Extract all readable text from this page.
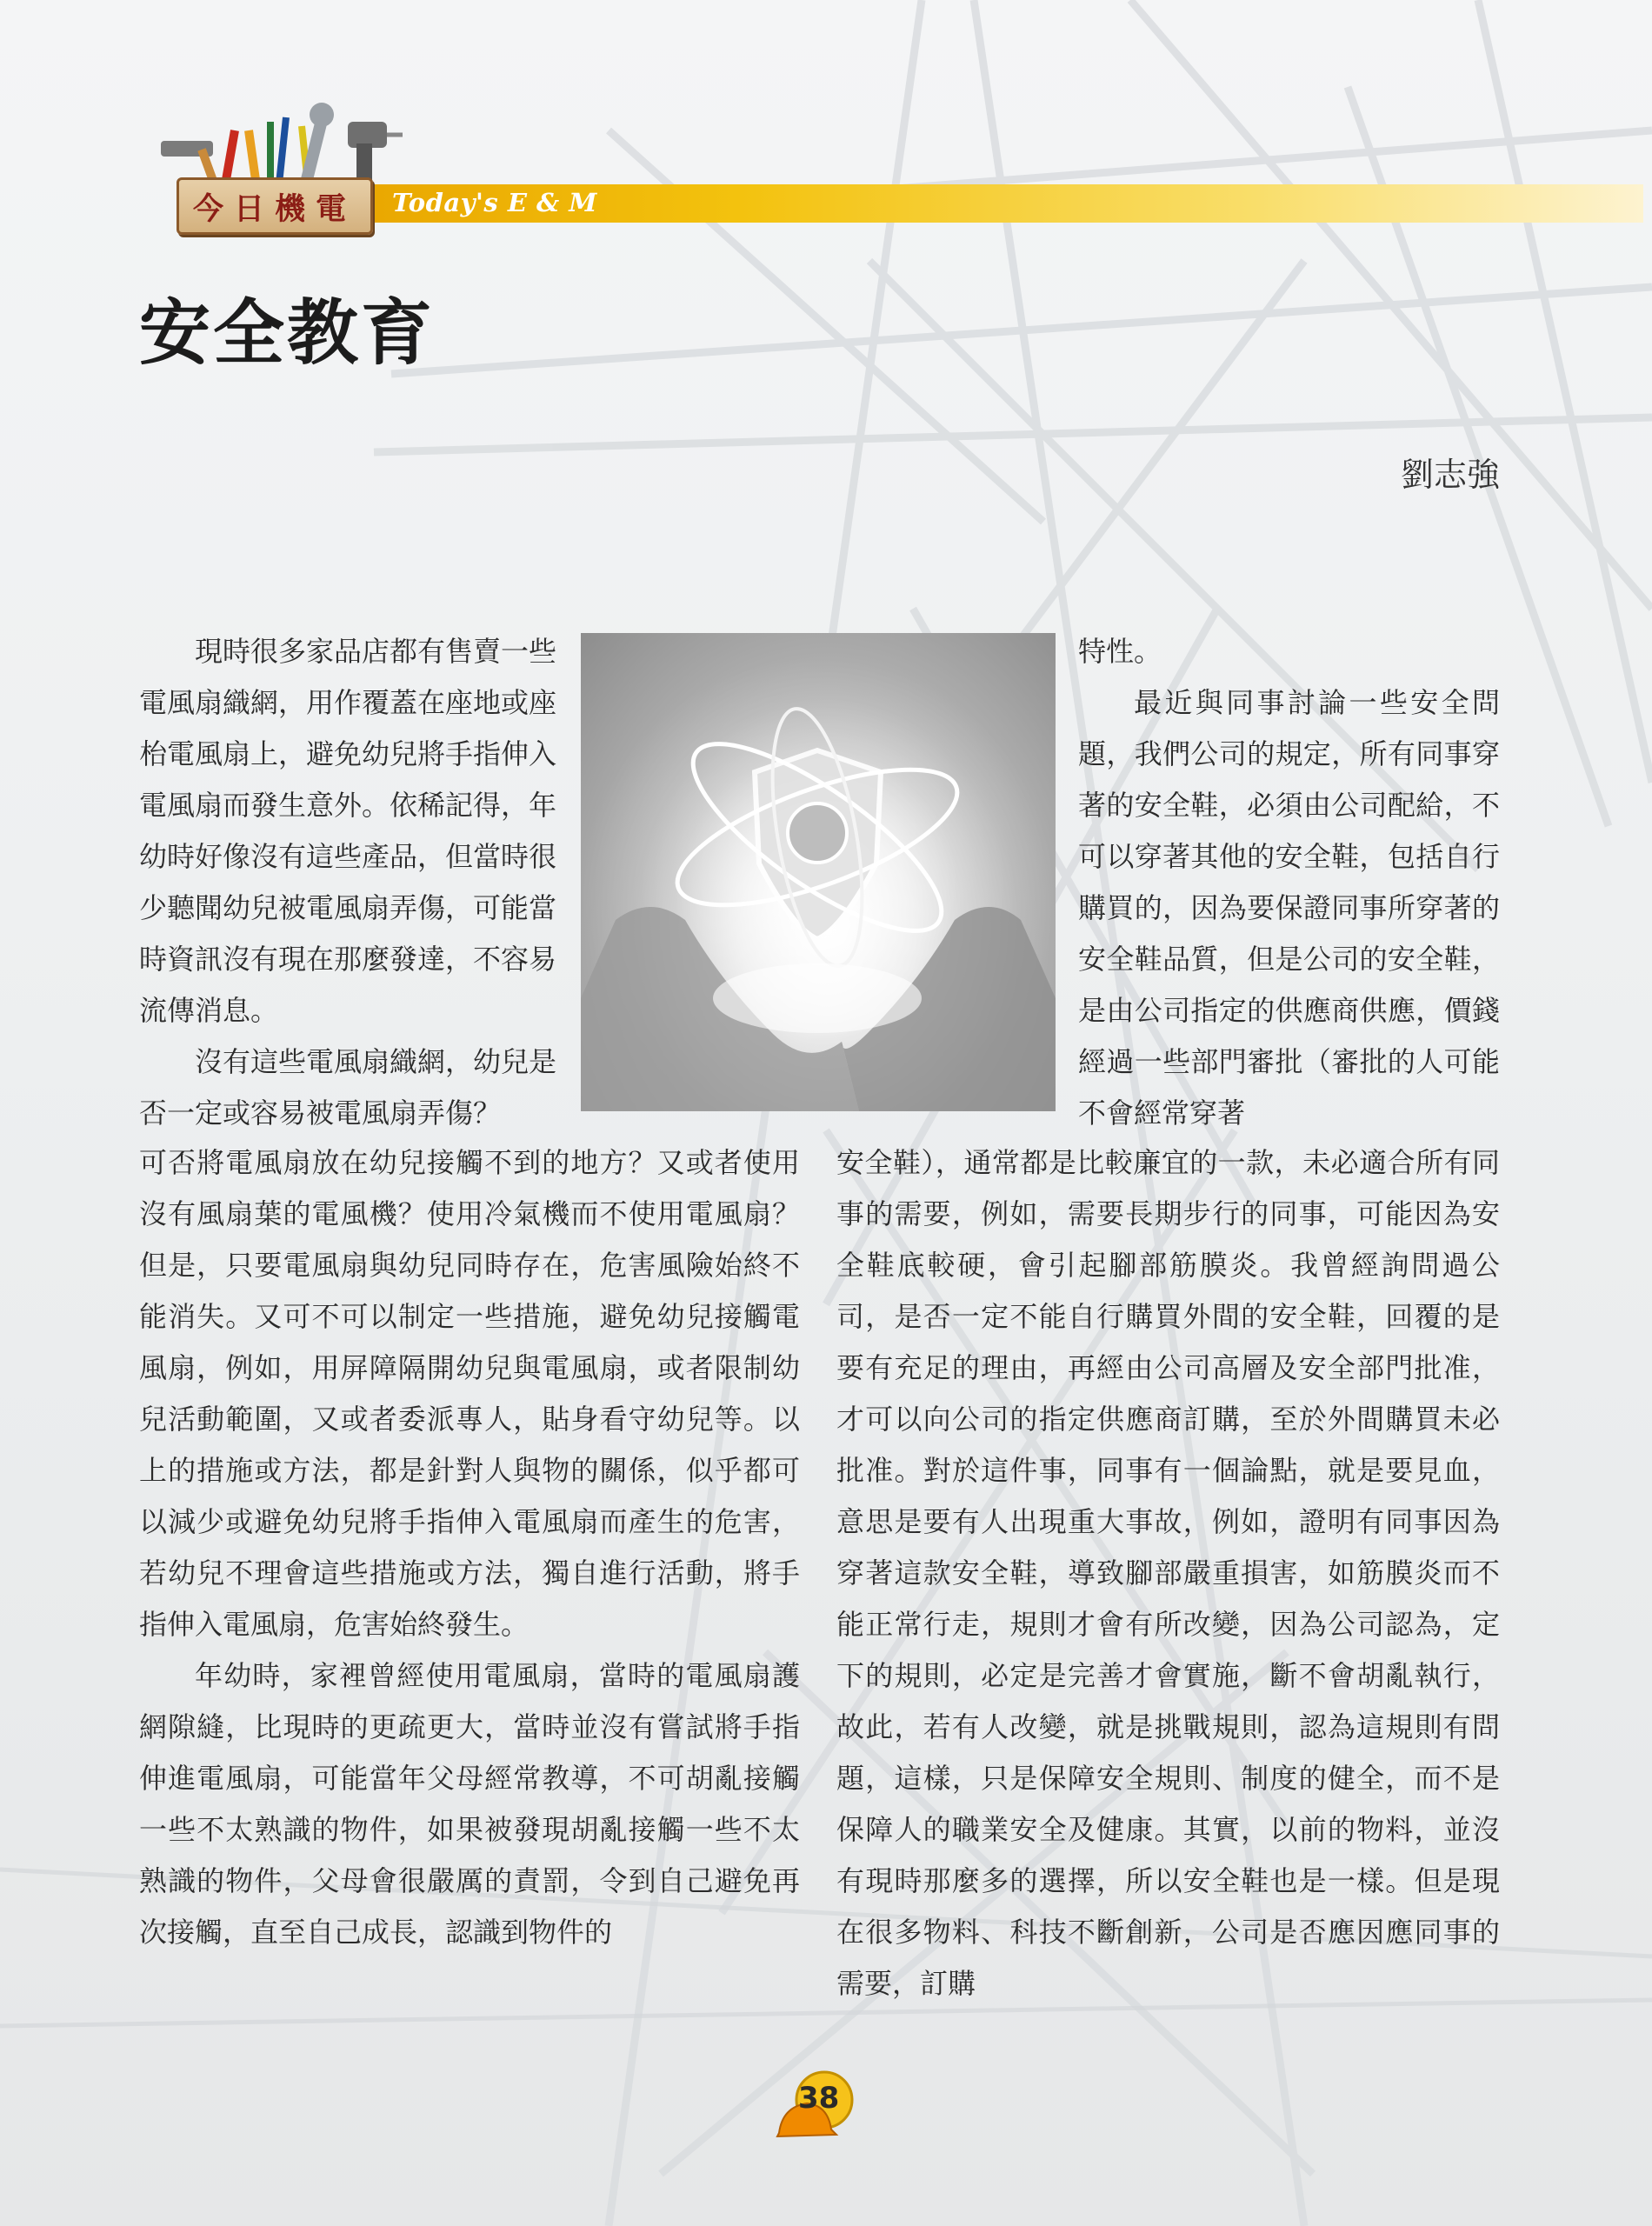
Today's E & M
今日機電
安全教育
劉志強

現時很多家品店都有售賣一些電風扇織網，用作覆蓋在座地或座枱電風扇上，避免幼兒將手指伸入電風扇而發生意外。依稀記得，年幼時好像沒有這些產品，但當時很少聽聞幼兒被電風扇弄傷，可能當時資訊沒有現在那麼發達，不容易流傳消息。

沒有這些電風扇織網，幼兒是否一定或容易被電風扇弄傷？

可否將電風扇放在幼兒接觸不到的地方？又或者使用沒有風扇葉的電風機？使用冷氣機而不使用電風扇？但是，只要電風扇與幼兒同時存在，危害風險始終不能消失。又可不可以制定一些措施，避免幼兒接觸電風扇，例如，用屏障隔開幼兒與電風扇，或者限制幼兒活動範圍，又或者委派專人，貼身看守幼兒等。以上的措施或方法，都是針對人與物的關係，似乎都可以減少或避免幼兒將手指伸入電風扇而產生的危害，若幼兒不理會這些措施或方法，獨自進行活動，將手指伸入電風扇，危害始終發生。

年幼時，家裡曾經使用電風扇，當時的電風扇護網隙縫，比現時的更疏更大，當時並沒有嘗試將手指伸進電風扇，可能當年父母經常教導，不可胡亂接觸一些不太熟識的物件，如果被發現胡亂接觸一些不太熟識的物件，父母會很嚴厲的責罰，令到自己避免再次接觸，直至自己成長，認識到物件的

特性。

最近與同事討論一些安全問題，我們公司的規定，所有同事穿著的安全鞋，必須由公司配給，不可以穿著其他的安全鞋，包括自行購買的，因為要保證同事所穿著的安全鞋品質，但是公司的安全鞋，是由公司指定的供應商供應，價錢經過一些部門審批（審批的人可能不會經常穿著

安全鞋），通常都是比較廉宜的一款，未必適合所有同事的需要，例如，需要長期步行的同事，可能因為安全鞋底較硬，會引起腳部筋膜炎。我曾經詢問過公司，是否一定不能自行購買外間的安全鞋，回覆的是要有充足的理由，再經由公司高層及安全部門批准，才可以向公司的指定供應商訂購，至於外間購買未必批准。對於這件事，同事有一個論點，就是要見血，意思是要有人出現重大事故，例如，證明有同事因為穿著這款安全鞋，導致腳部嚴重損害，如筋膜炎而不能正常行走，規則才會有所改變，因為公司認為，定下的規則，必定是完善才會實施，斷不會胡亂執行，故此，若有人改變，就是挑戰規則，認為這規則有問題，這樣，只是保障安全規則、制度的健全，而不是保障人的職業安全及健康。其實，以前的物料，並沒有現時那麼多的選擇，所以安全鞋也是一樣。但是現在很多物料、科技不斷創新，公司是否應因應同事的需要，訂購

38
